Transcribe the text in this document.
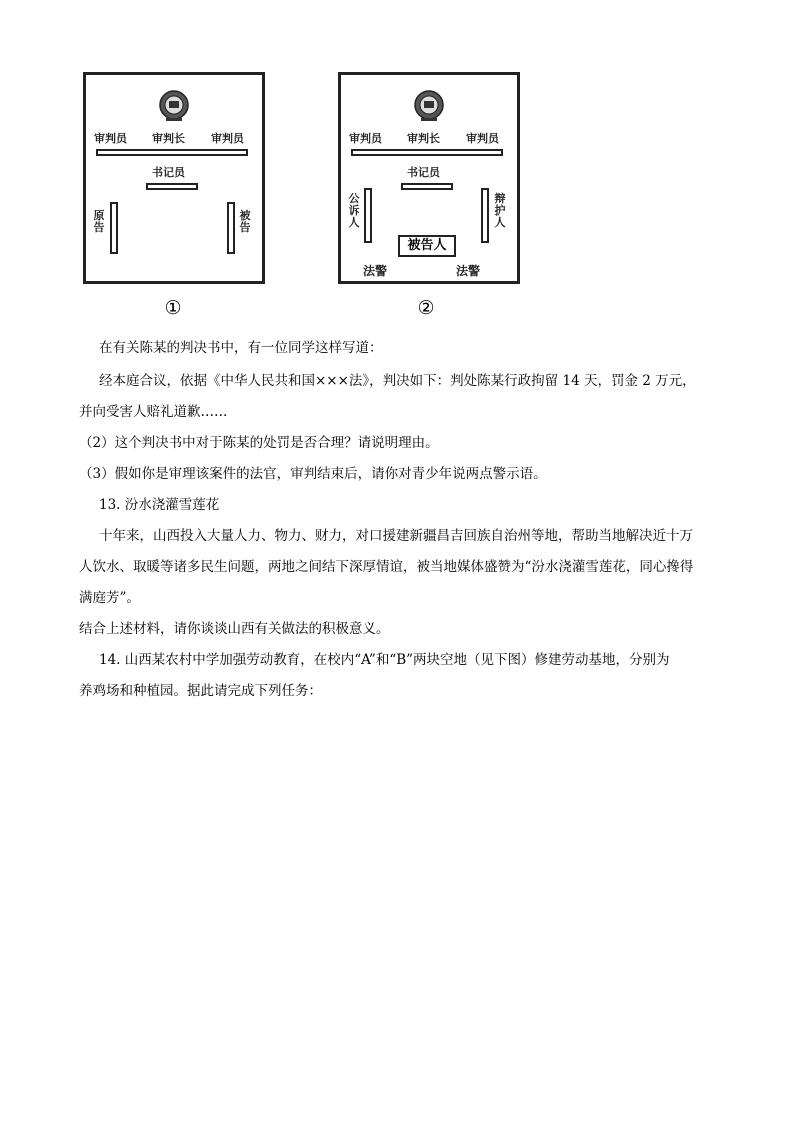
审判员 审判长 审判员
书记员
原告
被告
①
审判员 审判长 审判员
书记员
公诉人
辩护人
被告人
法警	法警
②
在有关陈某的判决书中，有一位同学这样写道：
经本庭合议，依据《中华人民共和国×××法》，判决如下：判处陈某行政拘留 14 天，罚金 2 万元，
并向受害人赔礼道歉……
（2）这个判决书中对于陈某的处罚是否合理？请说明理由。
（3）假如你是审理该案件的法官，审判结束后，请你对青少年说两点警示语。
13. 汾水浇灌雪莲花
十年来，山西投入大量人力、物力、财力，对口援建新疆昌吉回族自治州等地，帮助当地解决近十万
人饮水、取暖等诸多民生问题，两地之间结下深厚情谊，被当地媒体盛赞为“汾水浇灌雪莲花，同心搀得
满庭芳”。
结合上述材料，请你谈谈山西有关做法的积极意义。
14. 山西某农村中学加强劳动教育，在校内“A”和“B”两块空地（见下图）修建劳动基地，分别为
养鸡场和种植园。据此请完成下列任务：
